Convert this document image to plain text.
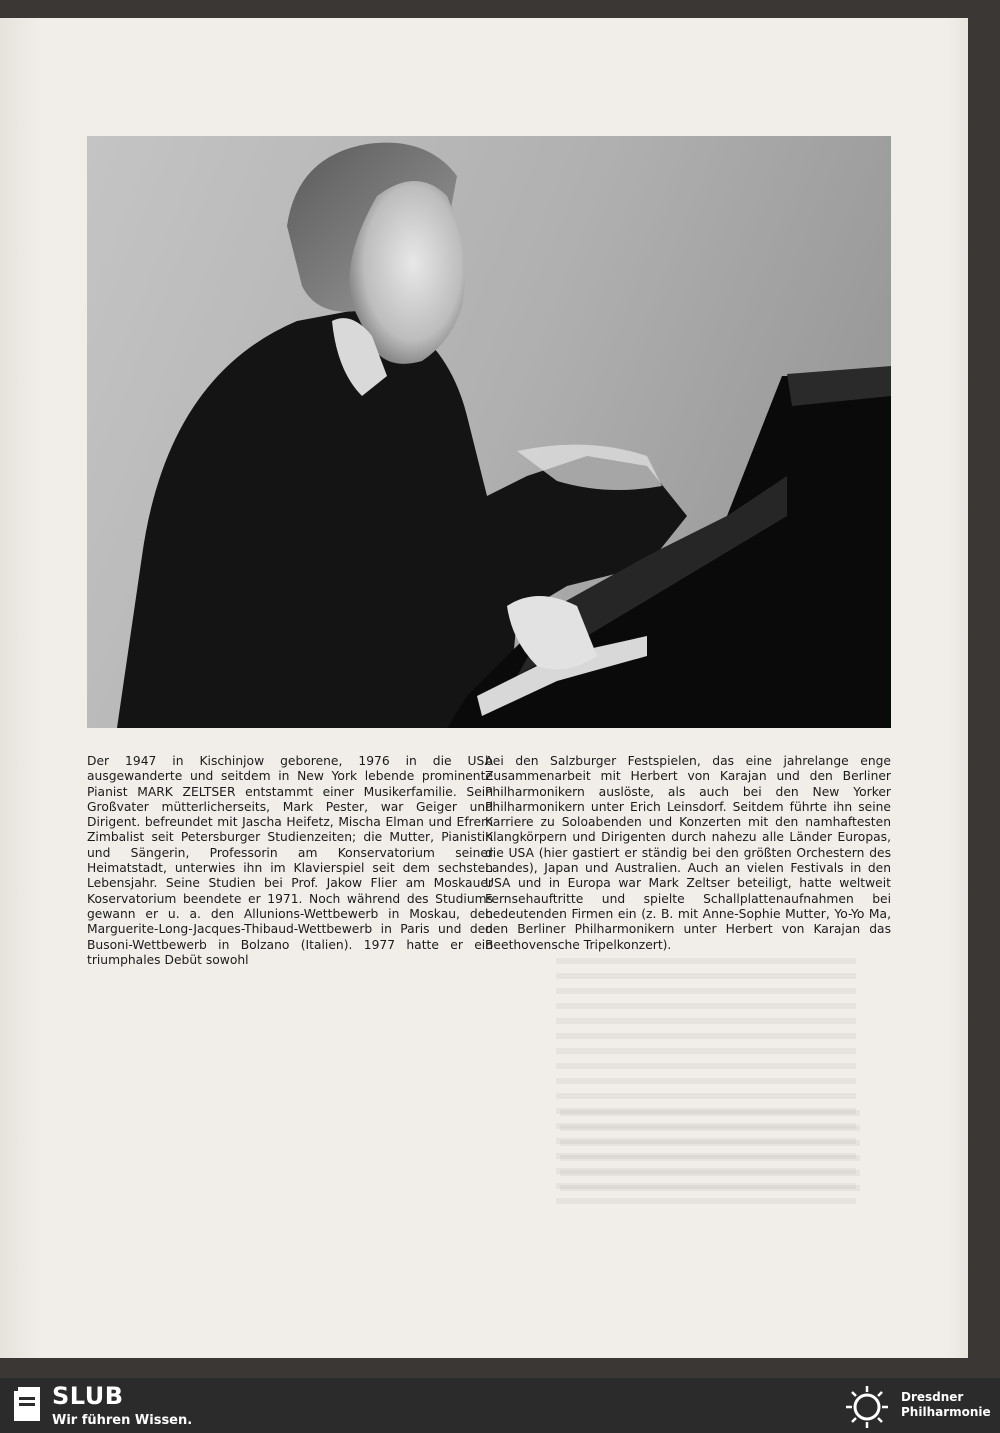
Der 1947 in Kischinjow geborene, 1976 in die USA ausgewanderte und seitdem in New York lebende prominente Pianist MARK ZELTSER entstammt einer Musikerfamilie. Sein Großvater mütterlicherseits, Mark Pester, war Geiger und Dirigent. befreundet mit Jascha Heifetz, Mischa Elman und Efrem Zimbalist seit Petersburger Studienzeiten; die Mutter, Pianistin und Sängerin, Professorin am Konservatorium seiner Heimatstadt, unterwies ihn im Klavierspiel seit dem sechsten Lebensjahr. Seine Studien bei Prof. Jakow Flier am Moskauer Koservatorium beendete er 1971. Noch während des Studiums gewann er u. a. den Allunions-Wettbewerb in Moskau, den Marguerite-Long-Jacques-Thibaud-Wettbewerb in Paris und den Busoni-Wettbewerb in Bolzano (Italien). 1977 hatte er ein triumphales Debüt sowohl

bei den Salzburger Festspielen, das eine jahrelange enge Zusammenarbeit mit Herbert von Karajan und den Berliner Philharmonikern auslöste, als auch bei den New Yorker Philharmonikern unter Erich Leinsdorf. Seitdem führte ihn seine Karriere zu Soloabenden und Konzerten mit den namhaftesten Klangkörpern und Dirigenten durch nahezu alle Länder Europas, die USA (hier gastiert er ständig bei den größten Orchestern des Landes), Japan und Australien. Auch an vielen Festivals in den USA und in Europa war Mark Zeltser beteiligt, hatte weltweit Fernsehauftritte und spielte Schallplattenaufnahmen bei bedeutenden Firmen ein (z. B. mit Anne-Sophie Mutter, Yo-Yo Ma, den Berliner Philharmonikern unter Herbert von Karajan das Beethovensche Tripelkonzert).

SLUB
Wir führen Wissen.
Dresdner
Philharmonie
